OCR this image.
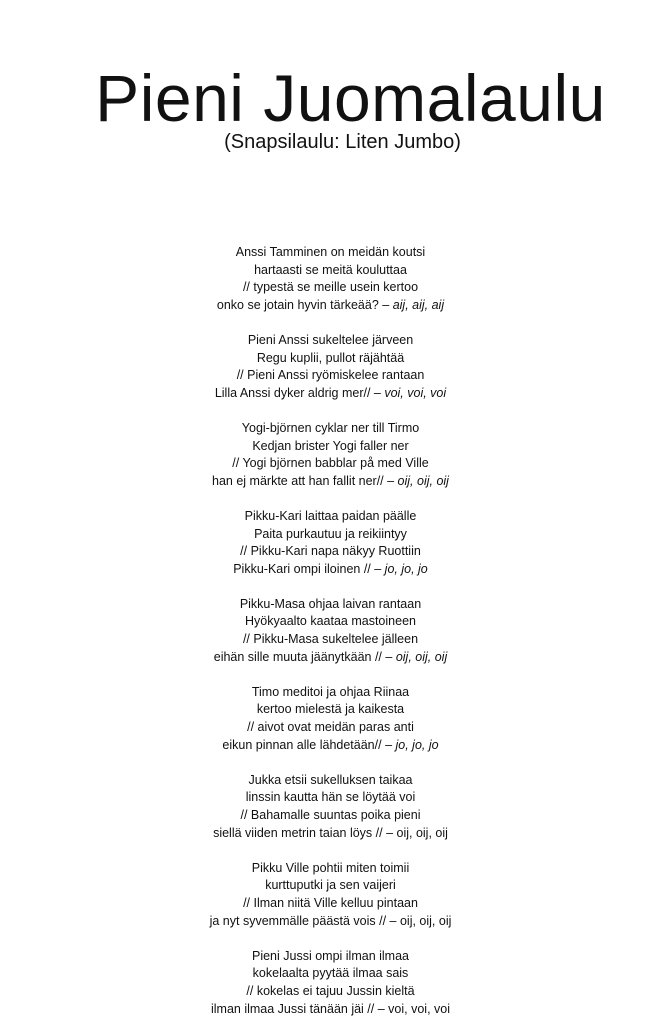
Pieni Juomalaulu
(Snapsilaulu: Liten Jumbo)
Anssi Tamminen on meidän koutsi
hartaasti se meitä kouluttaa
// typestä se meille usein kertoo
onko se jotain hyvin tärkeää? – aij, aij, aij
Pieni Anssi sukeltelee järveen
Regu kuplii, pullot räjähtää
// Pieni Anssi ryömiskelee rantaan
Lilla Anssi dyker aldrig mer// – voi, voi, voi
Yogi-björnen cyklar ner till Tirmo
Kedjan brister Yogi faller ner
// Yogi björnen babblar på med Ville
han ej märkte att han fallit ner// – oij, oij, oij
Pikku-Kari laittaa paidan päälle
Paita purkautuu ja reikiintyy
// Pikku-Kari napa näkyy Ruottiin
Pikku-Kari ompi iloinen // – jo, jo, jo
Pikku-Masa ohjaa laivan rantaan
Hyökyaalto kaataa mastoineen
// Pikku-Masa sukeltelee jälleen
eihän sille muuta jäänytkään // – oij, oij, oij
Timo meditoi ja ohjaa Riinaa
kertoo mielestä ja kaikesta
// aivot ovat meidän paras anti
eikun pinnan alle lähdetään// – jo, jo, jo
Jukka etsii sukelluksen taikaa
linssin kautta hän se löytää voi
// Bahamalle suuntas poika pieni
siellä viiden metrin taian löys // – oij, oij, oij
Pikku Ville pohtii miten toimii
kurttuputki ja sen vaijeri
// Ilman niitä Ville kelluu pintaan
ja nyt syvemmälle päästä vois // – oij, oij, oij
Pieni Jussi ompi ilman ilmaa
kokelaalta pyytää ilmaa sais
// kokelas ei tajuu Jussin kieltä
ilman ilmaa Jussi tänään jäi // – voi, voi, voi
